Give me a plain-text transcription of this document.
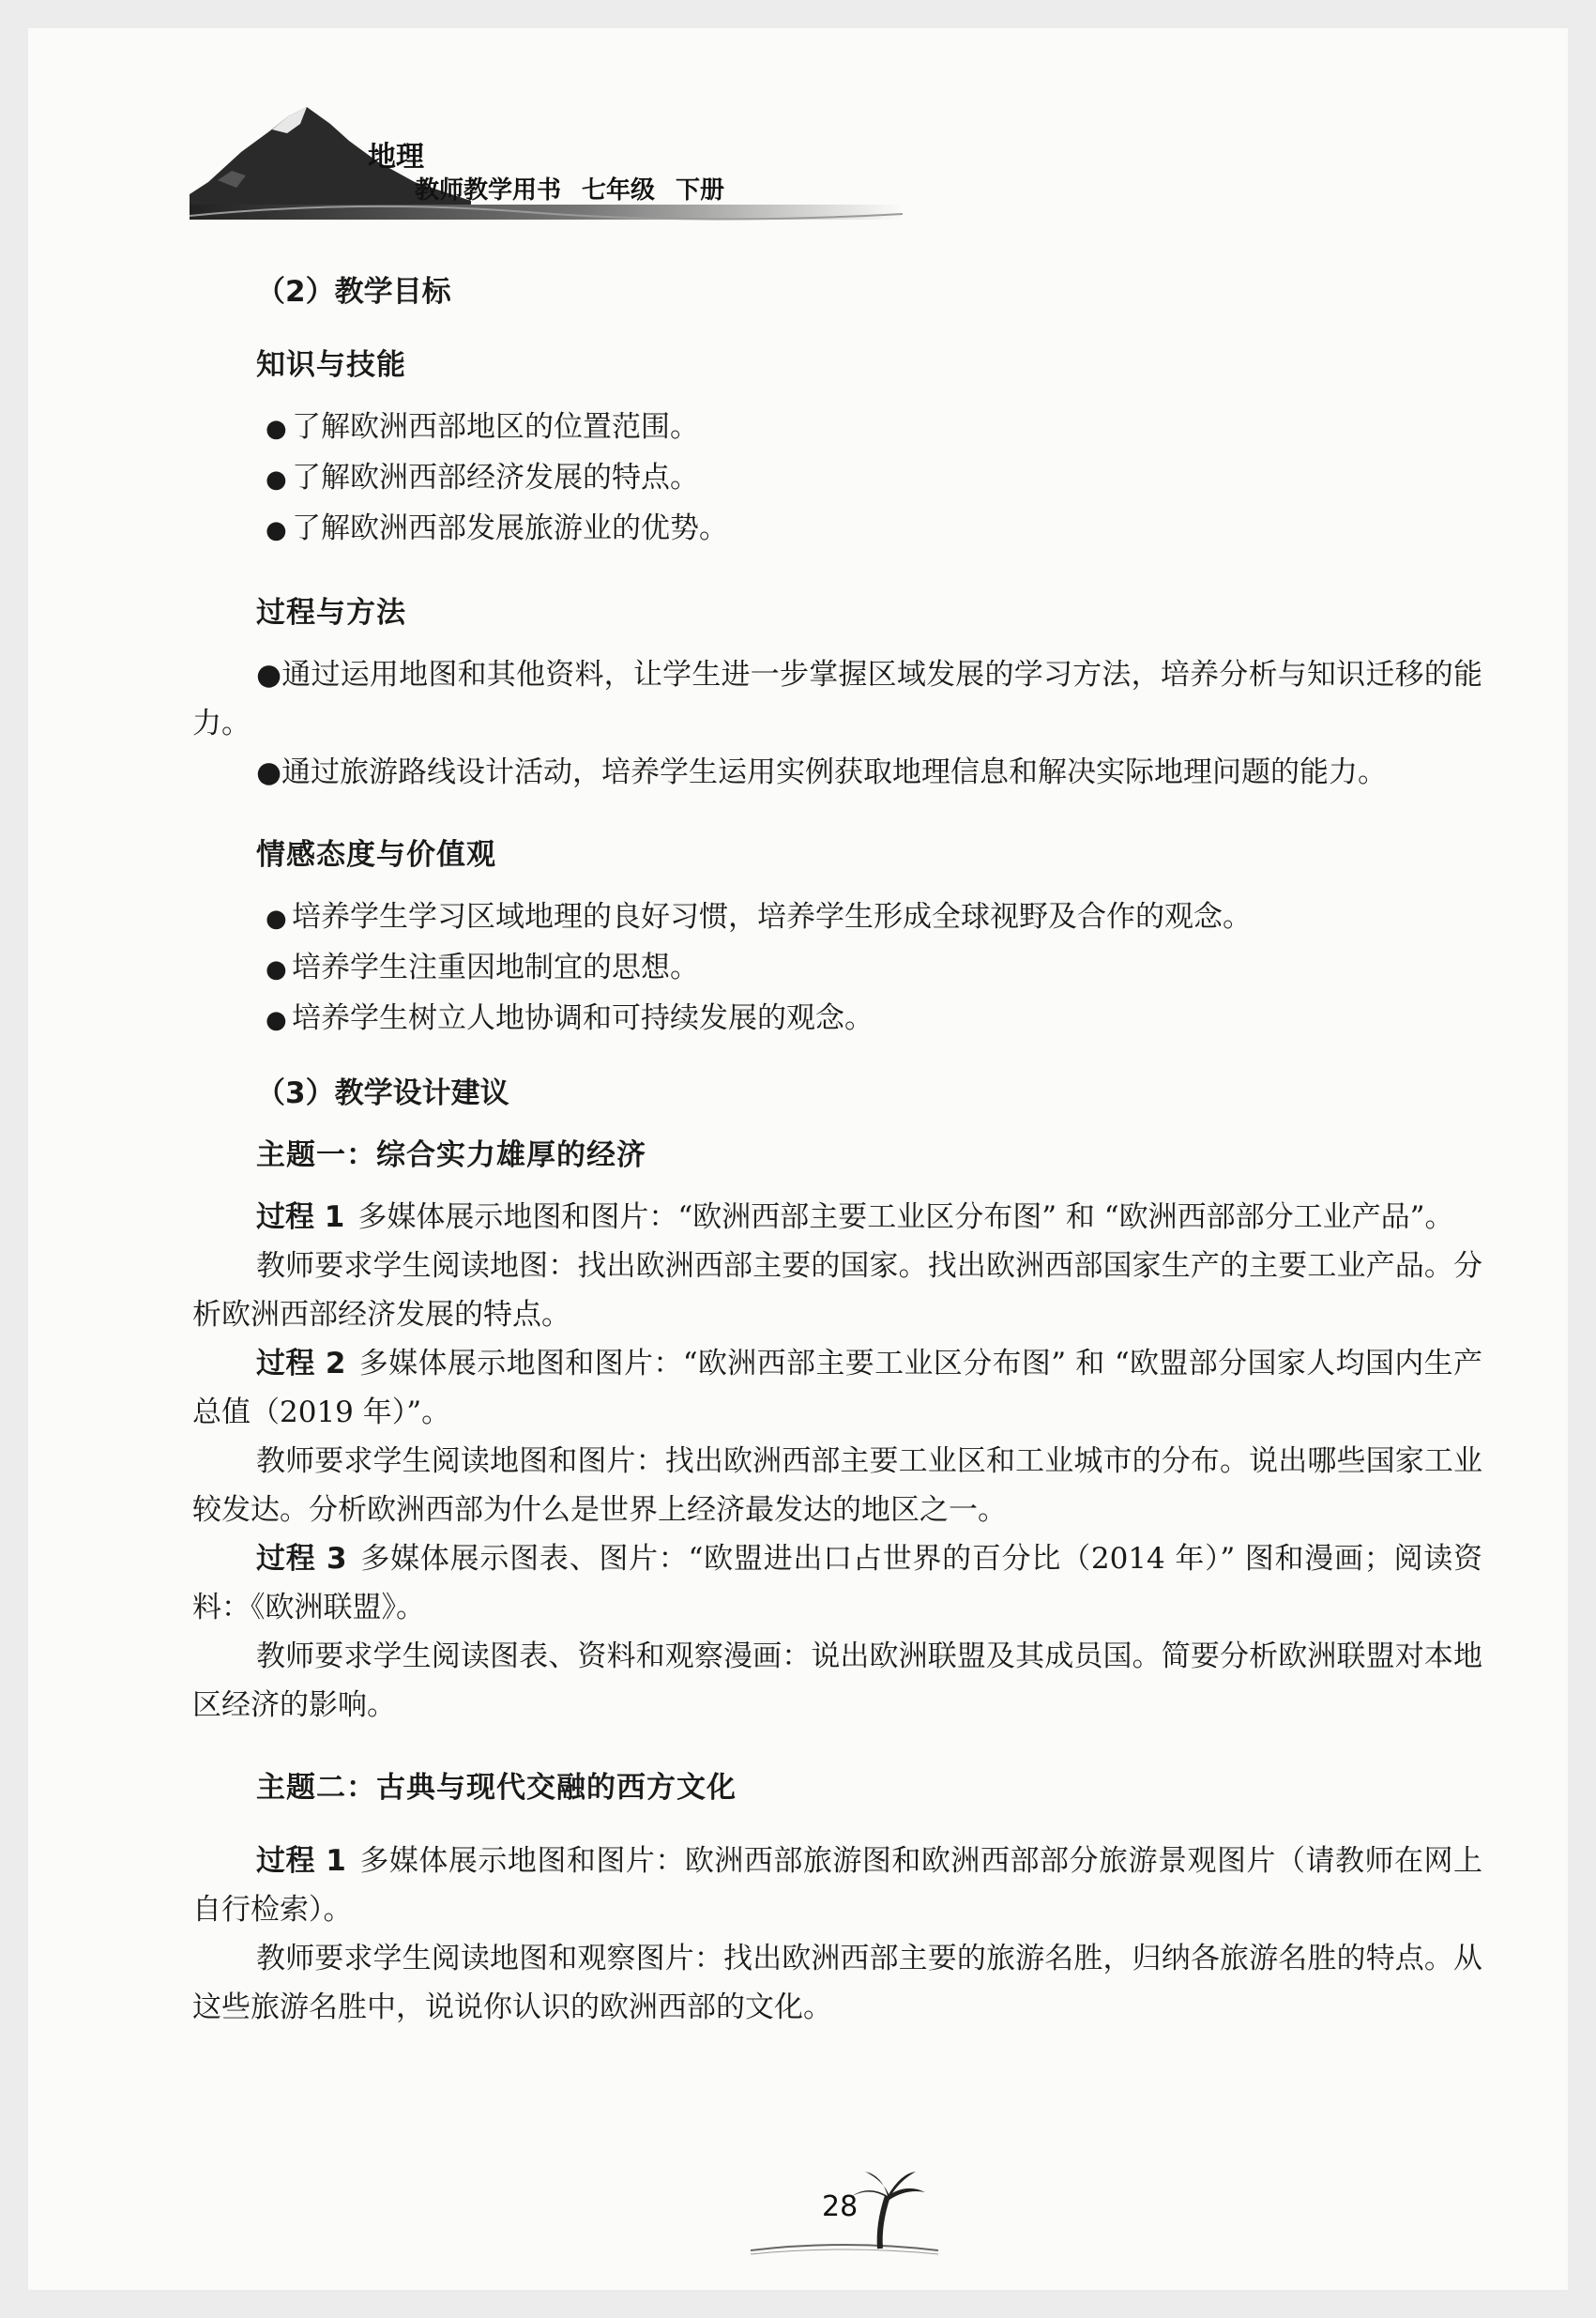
地理
教师教学用书 七年级 下册
（2）教学目标
知识与技能
● 了解欧洲西部地区的位置范围。
● 了解欧洲西部经济发展的特点。
● 了解欧洲西部发展旅游业的优势。
过程与方法
●通过运用地图和其他资料，让学生进一步掌握区域发展的学习方法，培养分析与知识迁移的能力。
●通过旅游路线设计活动，培养学生运用实例获取地理信息和解决实际地理问题的能力。
情感态度与价值观
● 培养学生学习区域地理的良好习惯，培养学生形成全球视野及合作的观念。
● 培养学生注重因地制宜的思想。
● 培养学生树立人地协调和可持续发展的观念。
（3）教学设计建议
主题一：综合实力雄厚的经济
过程 1 多媒体展示地图和图片：“欧洲西部主要工业区分布图” 和 “欧洲西部部分工业产品”。
教师要求学生阅读地图：找出欧洲西部主要的国家。找出欧洲西部国家生产的主要工业产品。分析欧洲西部经济发展的特点。
过程 2 多媒体展示地图和图片：“欧洲西部主要工业区分布图” 和 “欧盟部分国家人均国内生产总值（2019 年）”。
教师要求学生阅读地图和图片：找出欧洲西部主要工业区和工业城市的分布。说出哪些国家工业较发达。分析欧洲西部为什么是世界上经济最发达的地区之一。
过程 3 多媒体展示图表、图片：“欧盟进出口占世界的百分比（2014 年）” 图和漫画；阅读资料：《欧洲联盟》。
教师要求学生阅读图表、资料和观察漫画：说出欧洲联盟及其成员国。简要分析欧洲联盟对本地区经济的影响。
主题二：古典与现代交融的西方文化
过程 1 多媒体展示地图和图片：欧洲西部旅游图和欧洲西部部分旅游景观图片（请教师在网上自行检索）。
教师要求学生阅读地图和观察图片：找出欧洲西部主要的旅游名胜，归纳各旅游名胜的特点。从这些旅游名胜中，说说你认识的欧洲西部的文化。
28
